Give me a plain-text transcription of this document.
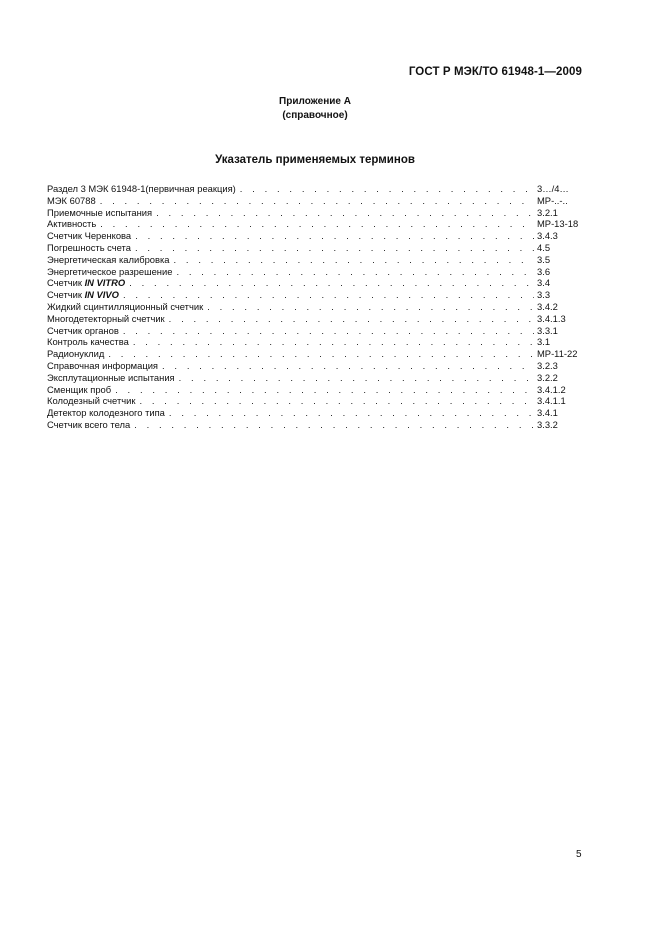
ГОСТ Р МЭК/ТО 61948-1—2009
Приложение А
(справочное)
Указатель применяемых терминов
Раздел 3 МЭК 61948-1(первичная реакция) . . .	3…/4…
МЭК 60788 . . .	МР-..-..
Приемочные испытания . . .	3.2.1
Активность . . .	МР-13-18
Счетчик Черенкова . . .	3.4.3
Погрешность счета . . .	4.5
Энергетическая калибровка . . .	3.5
Энергетическое разрешение . . .	3.6
Счетчик IN VITRO . . .	3.4
Счетчик IN VIVO . . .	3.3
Жидкий сцинтилляционный счетчик . . .	3.4.2
Многодетекторный счетчик . . .	3.4.1.3
Счетчик органов . . .	3.3.1
Контроль качества . . .	3.1
Радионуклид . . .	МР-11-22
Справочная информация . . .	3.2.3
Эксплутационные испытания . . .	3.2.2
Сменщик проб . . .	3.4.1.2
Колодезный счетчик . . .	3.4.1.1
Детектор колодезного типа . . .	3.4.1
Счетчик всего тела . . .	3.3.2
5
